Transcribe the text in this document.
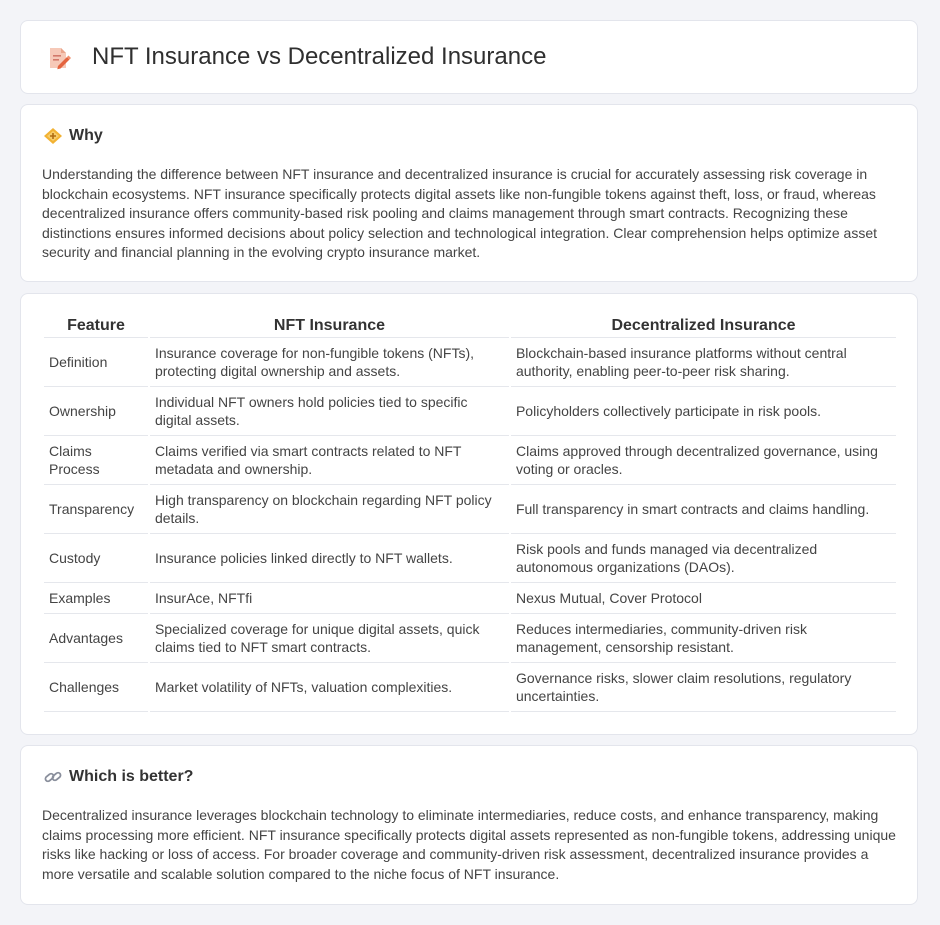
NFT Insurance vs Decentralized Insurance
Why

Understanding the difference between NFT insurance and decentralized insurance is crucial for accurately assessing risk coverage in blockchain ecosystems. NFT insurance specifically protects digital assets like non-fungible tokens against theft, loss, or fraud, whereas decentralized insurance offers community-based risk pooling and claims management through smart contracts. Recognizing these distinctions ensures informed decisions about policy selection and technological integration. Clear comprehension helps optimize asset security and financial planning in the evolving crypto insurance market.

Feature	NFT Insurance	Decentralized Insurance
Definition	Insurance coverage for non-fungible tokens (NFTs), protecting digital ownership and assets.	Blockchain-based insurance platforms without central authority, enabling peer-to-peer risk sharing.
Ownership	Individual NFT owners hold policies tied to specific digital assets.	Policyholders collectively participate in risk pools.
Claims Process	Claims verified via smart contracts related to NFT metadata and ownership.	Claims approved through decentralized governance, using voting or oracles.
Transparency	High transparency on blockchain regarding NFT policy details.	Full transparency in smart contracts and claims handling.
Custody	Insurance policies linked directly to NFT wallets.	Risk pools and funds managed via decentralized autonomous organizations (DAOs).
Examples	InsurAce, NFTfi	Nexus Mutual, Cover Protocol
Advantages	Specialized coverage for unique digital assets, quick claims tied to NFT smart contracts.	Reduces intermediaries, community-driven risk management, censorship resistant.
Challenges	Market volatility of NFTs, valuation complexities.	Governance risks, slower claim resolutions, regulatory uncertainties.
Which is better?

Decentralized insurance leverages blockchain technology to eliminate intermediaries, reduce costs, and enhance transparency, making claims processing more efficient. NFT insurance specifically protects digital assets represented as non-fungible tokens, addressing unique risks like hacking or loss of access. For broader coverage and community-driven risk assessment, decentralized insurance provides a more versatile and scalable solution compared to the niche focus of NFT insurance.
